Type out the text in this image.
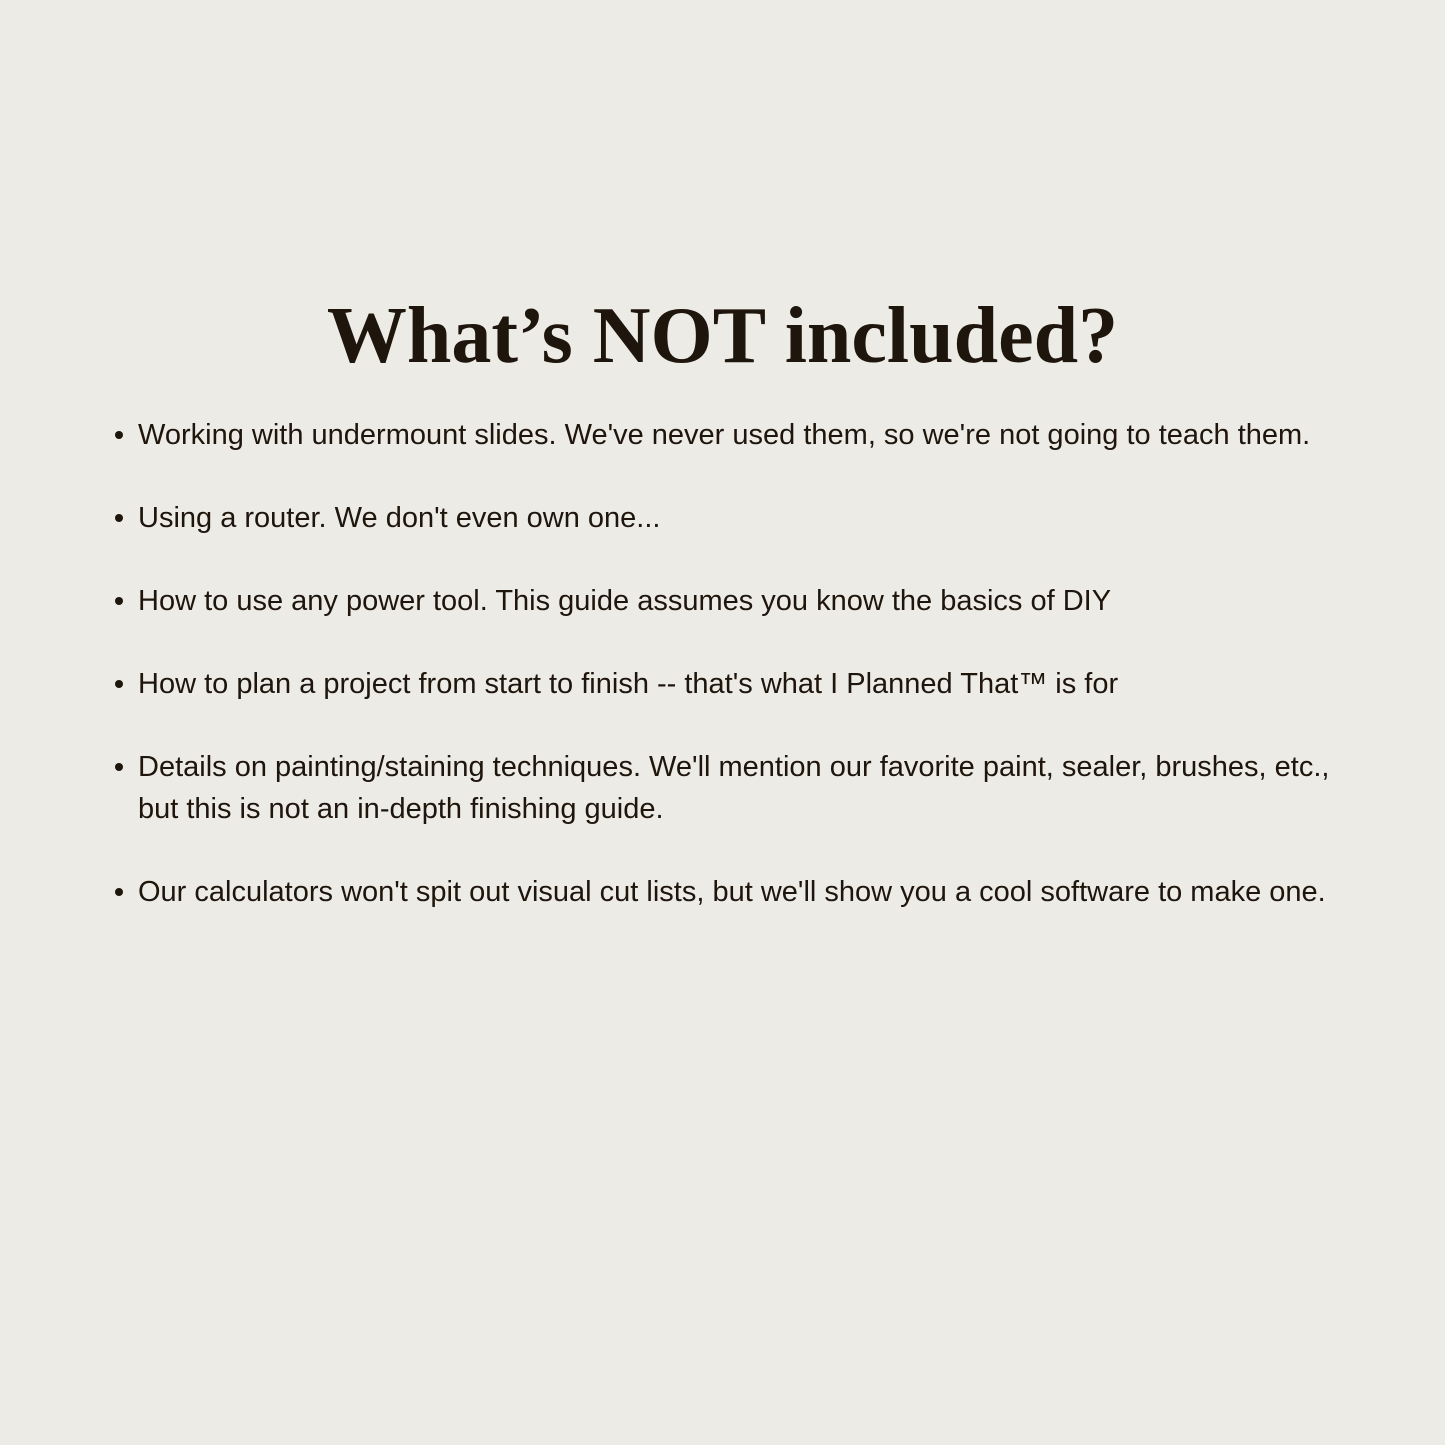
What’s NOT included?
Working with undermount slides. We've never used them, so we're not going to teach them.
Using a router. We don't even own one...
How to use any power tool. This guide assumes you know the basics of DIY
How to plan a project from start to finish -- that's what I Planned That™ is for
Details on painting/staining techniques. We'll mention our favorite paint, sealer, brushes, etc., but this is not an in-depth finishing guide.
Our calculators won't spit out visual cut lists, but we'll show you a cool software to make one.
